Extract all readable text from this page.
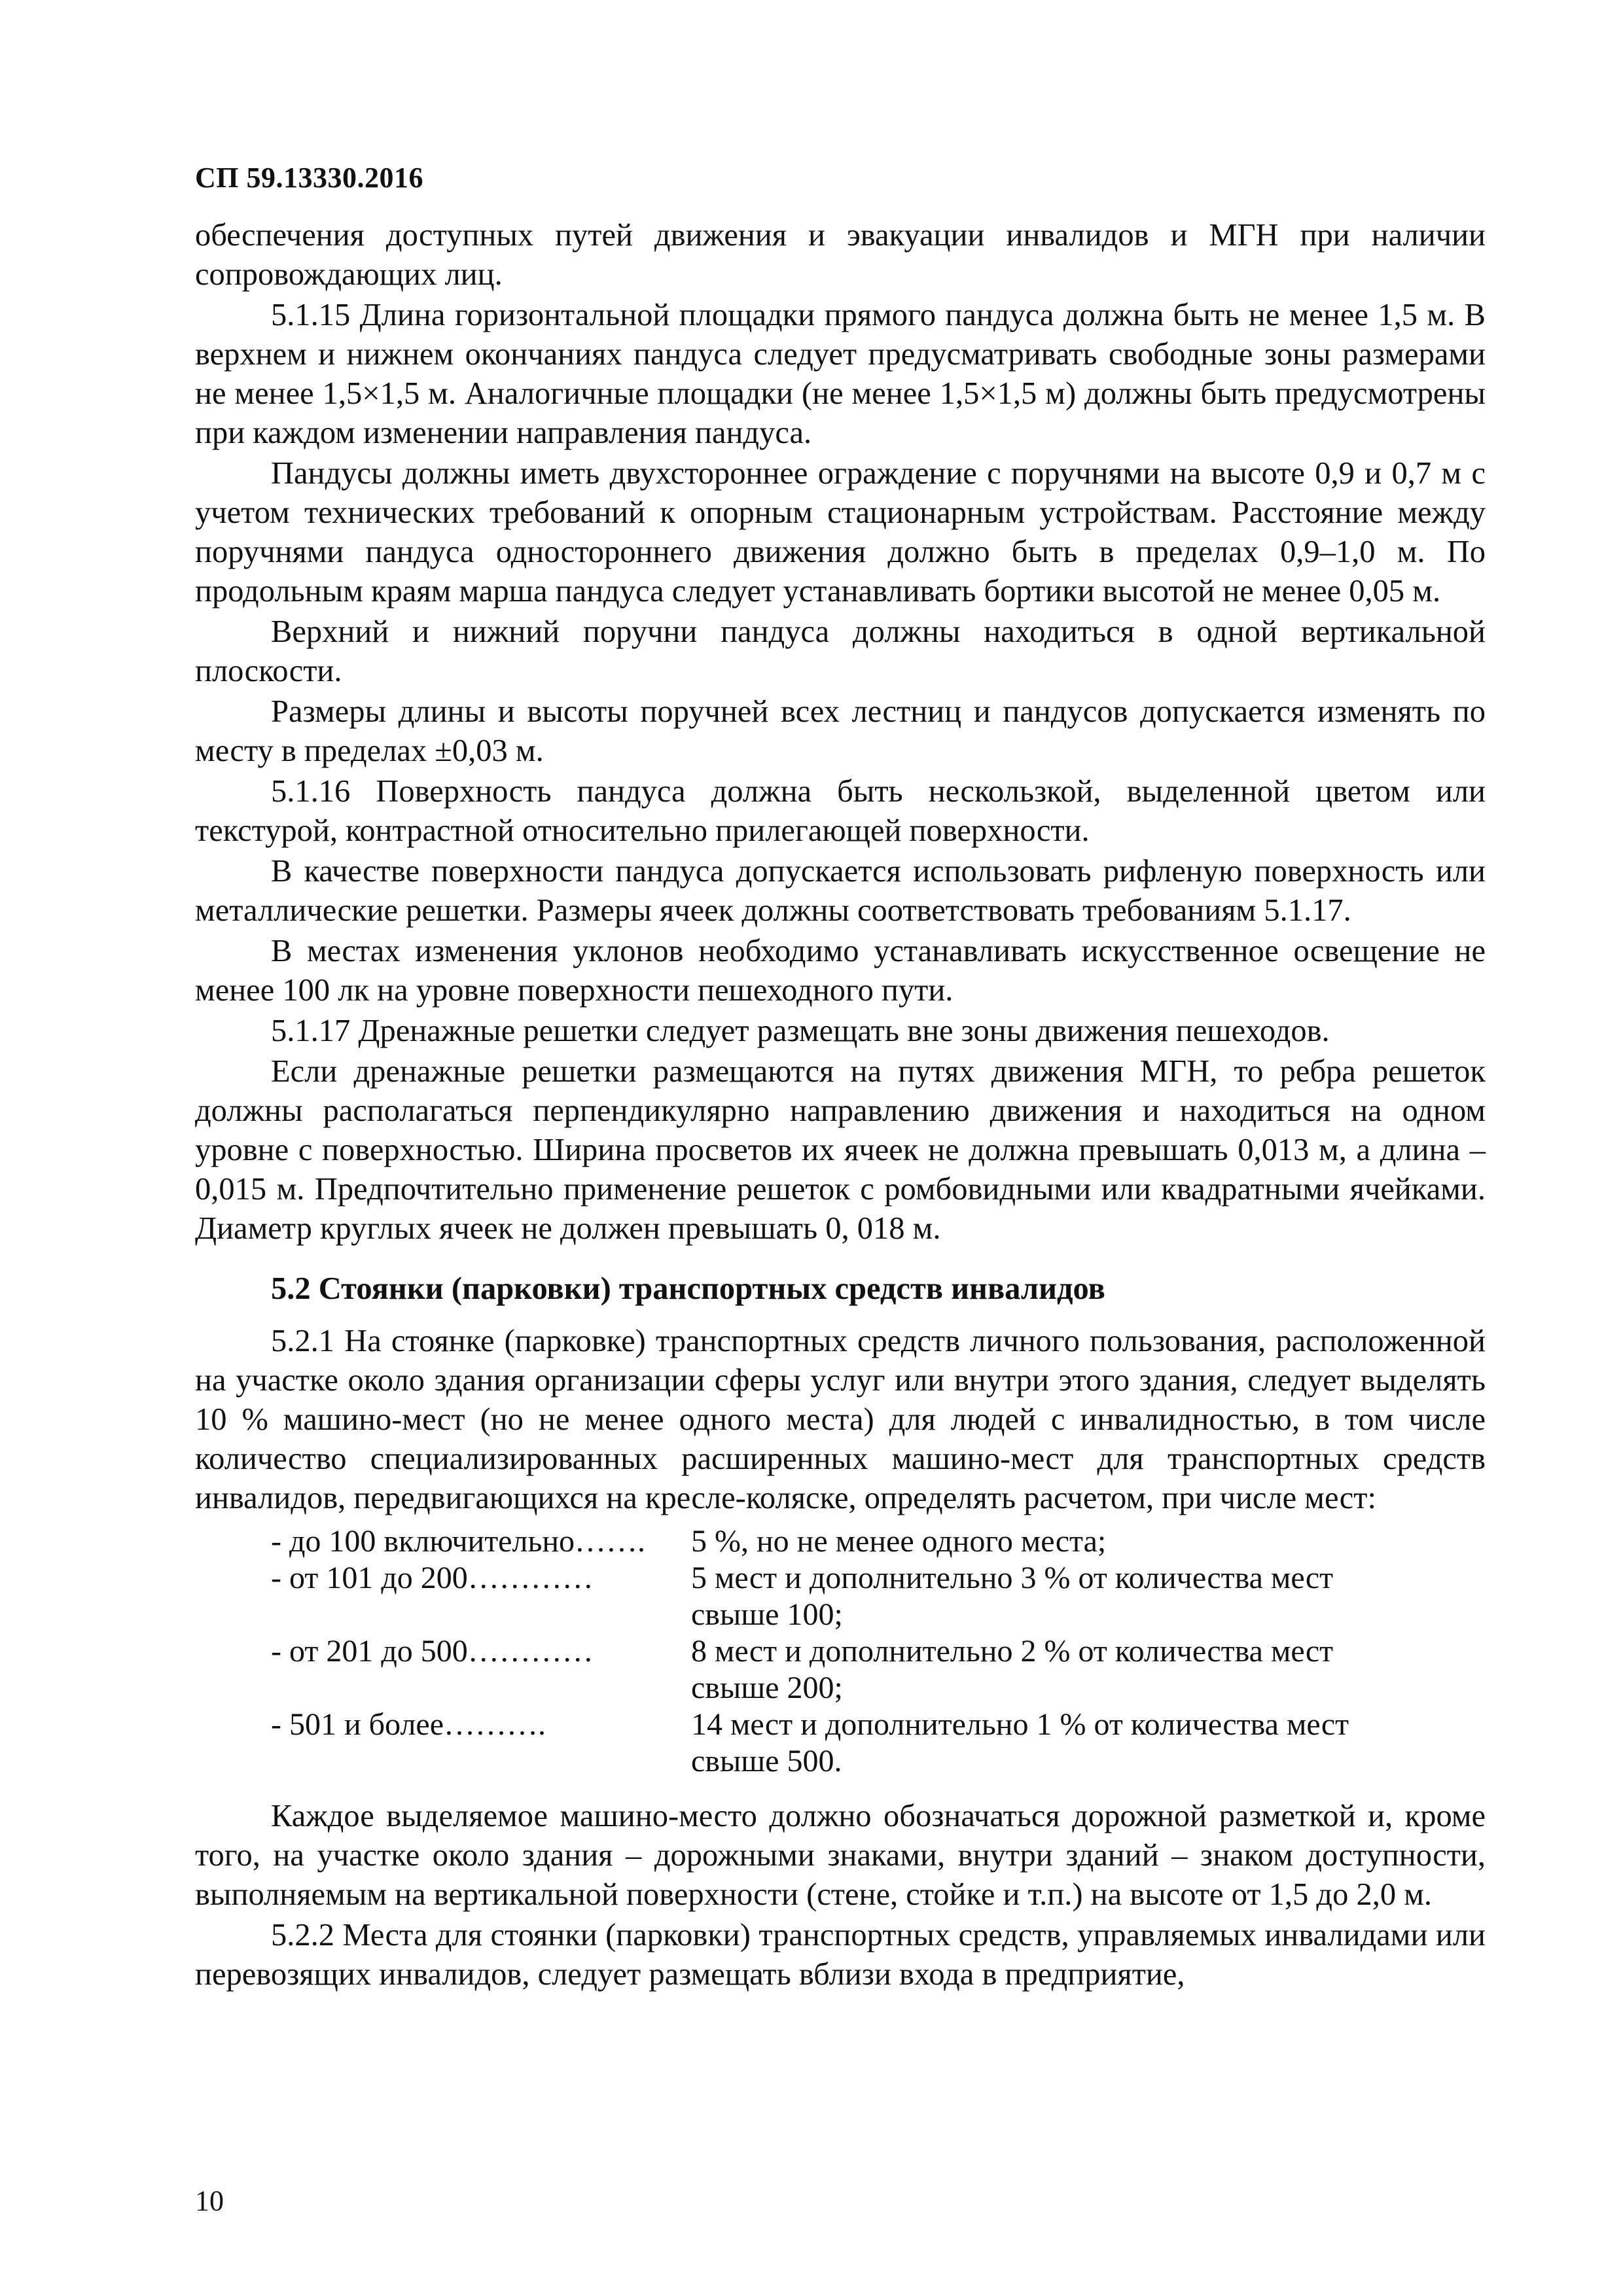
СП 59.13330.2016

обеспечения доступных путей движения и эвакуации инвалидов и МГН при наличии сопровождающих лиц.

5.1.15 Длина горизонтальной площадки прямого пандуса должна быть не менее 1,5 м. В верхнем и нижнем окончаниях пандуса следует предусматривать свободные зоны размерами не менее 1,5×1,5 м. Аналогичные площадки (не менее 1,5×1,5 м) должны быть предусмотрены при каждом изменении направления пандуса.

Пандусы должны иметь двухстороннее ограждение с поручнями на высоте 0,9 и 0,7 м с учетом технических требований к опорным стационарным устройствам. Расстояние между поручнями пандуса одностороннего движения должно быть в пределах 0,9–1,0 м. По продольным краям марша пандуса следует устанавливать бортики высотой не менее 0,05 м.

Верхний и нижний поручни пандуса должны находиться в одной вертикальной плоскости.

Размеры длины и высоты поручней всех лестниц и пандусов допускается изменять по месту в пределах ±0,03 м.

5.1.16 Поверхность пандуса должна быть нескользкой, выделенной цветом или текстурой, контрастной относительно прилегающей поверхности.

В качестве поверхности пандуса допускается использовать рифленую поверхность или металлические решетки. Размеры ячеек должны соответствовать требованиям 5.1.17.

В местах изменения уклонов необходимо устанавливать искусственное освещение не менее 100 лк на уровне поверхности пешеходного пути.

5.1.17 Дренажные решетки следует размещать вне зоны движения пешеходов.

Если дренажные решетки размещаются на путях движения МГН, то ребра решеток должны располагаться перпендикулярно направлению движения и находиться на одном уровне с поверхностью. Ширина просветов их ячеек не должна превышать 0,013 м, а длина – 0,015 м. Предпочтительно применение решеток с ромбовидными или квадратными ячейками. Диаметр круглых ячеек не должен превышать 0, 018 м.

5.2 Стоянки (парковки) транспортных средств инвалидов

5.2.1 На стоянке (парковке) транспортных средств личного пользования, расположенной на участке около здания организации сферы услуг или внутри этого здания, следует выделять 10 % машино-мест (но не менее одного места) для людей с инвалидностью, в том числе количество специализированных расширенных машино-мест для транспортных средств инвалидов, передвигающихся на кресле-коляске, определять расчетом, при числе мест:

- до 100 включительно…….	5 %, но не менее одного места;
- от 101 до 200…………	5 мест и дополнительно 3 % от количества мест свыше 100;
- от 201 до 500…………	8 мест и дополнительно 2 % от количества мест свыше 200;
- 501 и более……….	14 мест и дополнительно 1 % от количества мест свыше 500.

Каждое выделяемое машино-место должно обозначаться дорожной разметкой и, кроме того, на участке около здания – дорожными знаками, внутри зданий – знаком доступности, выполняемым на вертикальной поверхности (стене, стойке и т.п.) на высоте от 1,5 до 2,0 м.

5.2.2 Места для стоянки (парковки) транспортных средств, управляемых инвалидами или перевозящих инвалидов, следует размещать вблизи входа в предприятие,

10
